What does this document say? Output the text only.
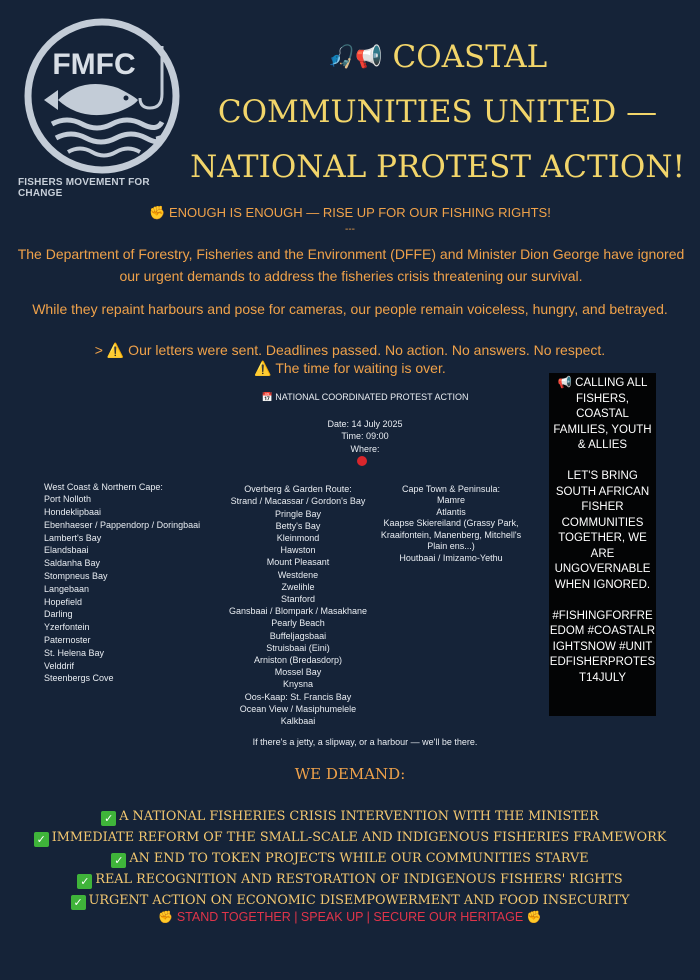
FMFC
FISHERS MOVEMENT FOR CHANGE
🎣📢 COASTAL
COMMUNITIES UNITED —
NATIONAL PROTEST ACTION!
✊ ENOUGH IS ENOUGH — RISE UP FOR OUR FISHING RIGHTS!
---
The Department of Forestry, Fisheries and the Environment (DFFE) and Minister Dion George have ignored our urgent demands to address the fisheries crisis threatening our survival.
While they repaint harbours and pose for cameras, our people remain voiceless, hungry, and betrayed.
> ⚠️ Our letters were sent. Deadlines passed. No action. No answers. No respect.
⚠️ The time for waiting is over.

📢 CALLING ALL FISHERS, COASTAL FAMILIES, YOUTH & ALLIES

LET'S BRING SOUTH AFRICAN FISHER COMMUNITIES TOGETHER, WE ARE UNGOVERNABLE WHEN IGNORED.

#FISHINGFORFREEDOM #COASTALRIGHTSNOW #UNITEDFISHERPROTEST14JULY

📅 NATIONAL COORDINATED PROTEST ACTION
Date: 14 July 2025
Time: 09:00
Where:
West Coast & Northern Cape:
Port Nolloth
Hondeklipbaai
Ebenhaeser / Pappendorp / Doringbaai
Lambert's Bay
Elandsbaai
Saldanha Bay
Stompneus Bay
Langebaan
Hopefield
Darling
Yzerfontein
Paternoster
St. Helena Bay
Velddrif
Steenbergs Cove
Overberg & Garden Route:
Strand / Macassar / Gordon's Bay
Pringle Bay
Betty's Bay
Kleinmond
Hawston
Mount Pleasant
Westdene
Zwelihle
Stanford
Gansbaai / Blompark / Masakhane
Pearly Beach
Buffeljagsbaai
Struisbaai (Eini)
Arniston (Bredasdorp)
Mossel Bay
Knysna
Oos-Kaap: St. Francis Bay
Ocean View / Masiphumelele
Kalkbaai
Cape Town & Peninsula:
Mamre
Atlantis
Kaapse Skiereiland (Grassy Park,
Kraaifontein, Manenberg, Mitchell's
Plain ens...)
Houtbaai / Imizamo-Yethu
If there's a jetty, a slipway, or a harbour — we'll be there.
WE DEMAND:
✓ A NATIONAL FISHERIES CRISIS INTERVENTION WITH THE MINISTER
✓ IMMEDIATE REFORM OF THE SMALL-SCALE AND INDIGENOUS FISHERIES FRAMEWORK
✓ AN END TO TOKEN PROJECTS WHILE OUR COMMUNITIES STARVE
✓ REAL RECOGNITION AND RESTORATION OF INDIGENOUS FISHERS' RIGHTS
✓ URGENT ACTION ON ECONOMIC DISEMPOWERMENT AND FOOD INSECURITY
✊ STAND TOGETHER | SPEAK UP | SECURE OUR HERITAGE ✊
